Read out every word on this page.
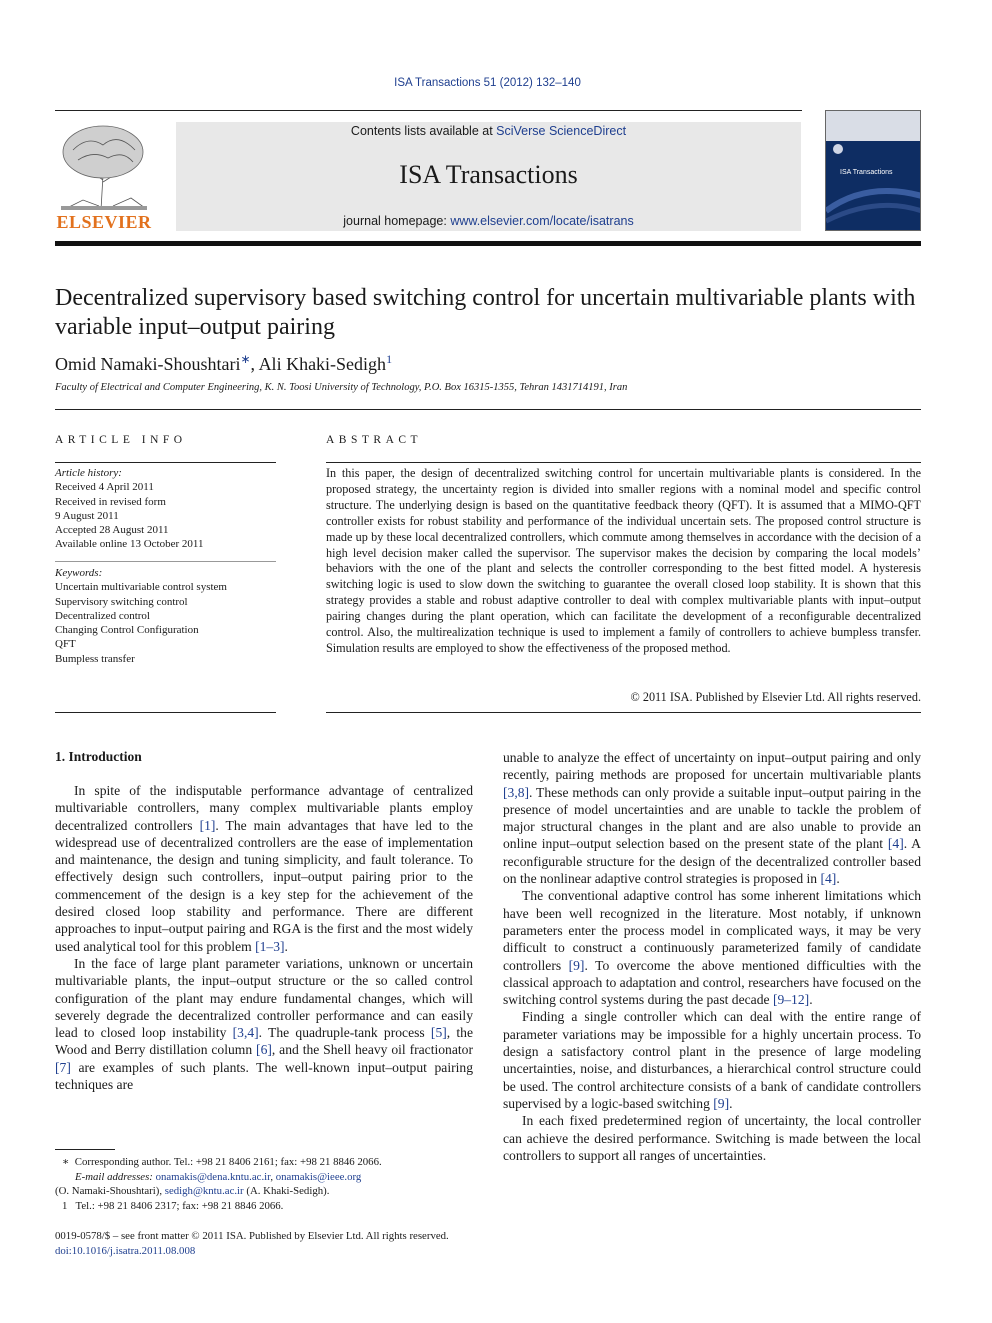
ISA Transactions 51 (2012) 132–140
ELSEVIER
Contents lists available at SciVerse ScienceDirect
ISA Transactions
journal homepage: www.elsevier.com/locate/isatrans
ISA Transactions
Decentralized supervisory based switching control for uncertain multivariable plants with variable input–output pairing
Omid Namaki-Shoushtari∗, Ali Khaki-Sedigh$^1$
Faculty of Electrical and Computer Engineering, K. N. Toosi University of Technology, P.O. Box 16315-1355, Tehran 1431714191, Iran
ARTICLE INFO
Article history:
Received 4 April 2011
Received in revised form
9 August 2011
Accepted 28 August 2011
Available online 13 October 2011
Keywords:
Uncertain multivariable control system
Supervisory switching control
Decentralized control
Changing Control Configuration
QFT
Bumpless transfer
ABSTRACT
In this paper, the design of decentralized switching control for uncertain multivariable plants is considered. In the proposed strategy, the uncertainty region is divided into smaller regions with a nominal model and specific control structure. The underlying design is based on the quantitative feedback theory (QFT). It is assumed that a MIMO-QFT controller exists for robust stability and performance of the individual uncertain sets. The proposed control structure is made up by these local decentralized controllers, which commute among themselves in accordance with the decision of a high level decision maker called the supervisor. The supervisor makes the decision by comparing the local models’ behaviors with the one of the plant and selects the controller corresponding to the best fitted model. A hysteresis switching logic is used to slow down the switching to guarantee the overall closed loop stability. It is shown that this strategy provides a stable and robust adaptive controller to deal with complex multivariable plants with input–output pairing changes during the plant operation, which can facilitate the development of a reconfigurable decentralized control. Also, the multirealization technique is used to implement a family of controllers to achieve bumpless transfer. Simulation results are employed to show the effectiveness of the proposed method.
© 2011 ISA. Published by Elsevier Ltd. All rights reserved.
1. Introduction

In spite of the indisputable performance advantage of centralized multivariable controllers, many complex multivariable plants employ decentralized controllers [1]. The main advantages that have led to the widespread use of decentralized controllers are the ease of implementation and maintenance, the design and tuning simplicity, and fault tolerance. To effectively design such controllers, input–output pairing prior to the commencement of the design is a key step for the achievement of the desired closed loop stability and performance. There are different approaches to input–output pairing and RGA is the first and the most widely used analytical tool for this problem [1–3].

In the face of large plant parameter variations, unknown or uncertain multivariable plants, the input–output structure or the so called control configuration of the plant may endure fundamental changes, which will severely degrade the decentralized controller performance and can easily lead to closed loop instability [3,4]. The quadruple-tank process [5], the Wood and Berry distillation column [6], and the Shell heavy oil fractionator [7] are examples of such plants. The well-known input–output pairing techniques are

unable to analyze the effect of uncertainty on input–output pairing and only recently, pairing methods are proposed for uncertain multivariable plants [3,8]. These methods can only provide a suitable input–output pairing in the presence of model uncertainties and are unable to tackle the problem of major structural changes in the plant and are also unable to provide an online input–output selection based on the present state of the plant [4]. A reconfigurable structure for the design of the decentralized controller based on the nonlinear adaptive control strategies is proposed in [4].

The conventional adaptive control has some inherent limitations which have been well recognized in the literature. Most notably, if unknown parameters enter the process model in complicated ways, it may be very difficult to construct a continuously parameterized family of candidate controllers [9]. To overcome the above mentioned difficulties with the classical approach to adaptation and control, researchers have focused on the switching control systems during the past decade [9–12].

Finding a single controller which can deal with the entire range of parameter variations may be impossible for a highly uncertain process. To design a satisfactory control plant in the presence of large modeling uncertainties, noise, and disturbances, a hierarchical control structure could be used. The control architecture consists of a bank of candidate controllers supervised by a logic-based switching [9].

In each fixed predetermined region of uncertainty, the local controller can achieve the desired performance. Switching is made between the local controllers to support all ranges of uncertainties.

∗ Corresponding author. Tel.: +98 21 8406 2161; fax: +98 21 8846 2066.
E-mail addresses: onamakis@dena.kntu.ac.ir, onamakis@ieee.org
(O. Namaki-Shoushtari), sedigh@kntu.ac.ir (A. Khaki-Sedigh).
1 Tel.: +98 21 8406 2317; fax: +98 21 8846 2066.
0019-0578/$ – see front matter © 2011 ISA. Published by Elsevier Ltd. All rights reserved.
doi:10.1016/j.isatra.2011.08.008
